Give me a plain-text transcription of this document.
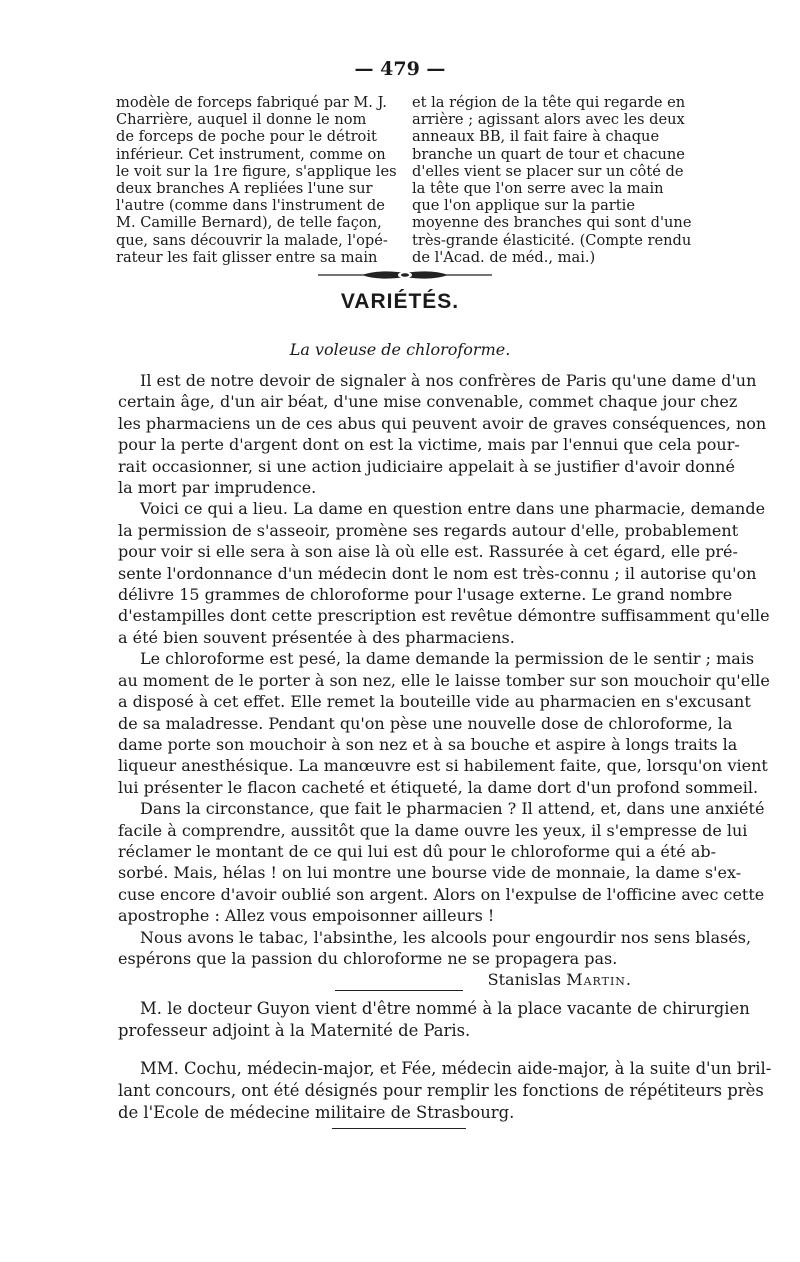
— 479 —
modèle de forceps fabriqué par M. J.
Charrière, auquel il donne le nom
de forceps de poche pour le détroit
inférieur. Cet instrument, comme on
le voit sur la 1re figure, s'applique les
deux branches A repliées l'une sur
l'autre (comme dans l'instrument de
M. Camille Bernard), de telle façon,
que, sans découvrir la malade, l'opé-
rateur les fait glisser entre sa main
et la région de la tête qui regarde en
arrière ; agissant alors avec les deux
anneaux BB, il fait faire à chaque
branche un quart de tour et chacune
d'elles vient se placer sur un côté de
la tête que l'on serre avec la main
que l'on applique sur la partie
moyenne des branches qui sont d'une
très-grande élasticité. (Compte rendu
de l'Acad. de méd., mai.)
VARIÉTÉS.
La voleuse de chloroforme.
Il est de notre devoir de signaler à nos confrères de Paris qu'une dame d'un
certain âge, d'un air béat, d'une mise convenable, commet chaque jour chez
les pharmaciens un de ces abus qui peuvent avoir de graves conséquences, non
pour la perte d'argent dont on est la victime, mais par l'ennui que cela pour-
rait occasionner, si une action judiciaire appelait à se justifier d'avoir donné
la mort par imprudence.
Voici ce qui a lieu. La dame en question entre dans une pharmacie, demande
la permission de s'asseoir, promène ses regards autour d'elle, probablement
pour voir si elle sera à son aise là où elle est. Rassurée à cet égard, elle pré-
sente l'ordonnance d'un médecin dont le nom est très-connu ; il autorise qu'on
délivre 15 grammes de chloroforme pour l'usage externe. Le grand nombre
d'estampilles dont cette prescription est revêtue démontre suffisamment qu'elle
a été bien souvent présentée à des pharmaciens.
Le chloroforme est pesé, la dame demande la permission de le sentir ; mais
au moment de le porter à son nez, elle le laisse tomber sur son mouchoir qu'elle
a disposé à cet effet. Elle remet la bouteille vide au pharmacien en s'excusant
de sa maladresse. Pendant qu'on pèse une nouvelle dose de chloroforme, la
dame porte son mouchoir à son nez et à sa bouche et aspire à longs traits la
liqueur anesthésique. La manœuvre est si habilement faite, que, lorsqu'on vient
lui présenter le flacon cacheté et étiqueté, la dame dort d'un profond sommeil.
Dans la circonstance, que fait le pharmacien ? Il attend, et, dans une anxiété
facile à comprendre, aussitôt que la dame ouvre les yeux, il s'empresse de lui
réclamer le montant de ce qui lui est dû pour le chloroforme qui a été ab-
sorbé. Mais, hélas ! on lui montre une bourse vide de monnaie, la dame s'ex-
cuse encore d'avoir oublié son argent. Alors on l'expulse de l'officine avec cette
apostrophe : Allez vous empoisonner ailleurs !
Nous avons le tabac, l'absinthe, les alcools pour engourdir nos sens blasés,
espérons que la passion du chloroforme ne se propagera pas.
Stanislas Martin.
M. le docteur Guyon vient d'être nommé à la place vacante de chirurgien
professeur adjoint à la Maternité de Paris.
MM. Cochu, médecin-major, et Fée, médecin aide-major, à la suite d'un bril-
lant concours, ont été désignés pour remplir les fonctions de répétiteurs près
de l'Ecole de médecine militaire de Strasbourg.
